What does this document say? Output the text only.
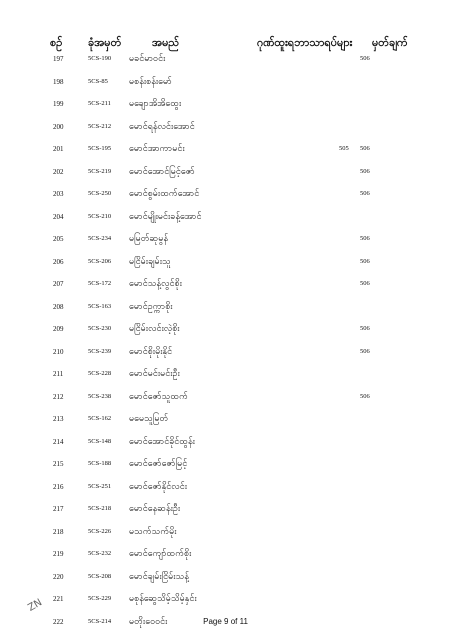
စဥ် ခုံအမှတ်	အမည်	ဂုဏ်ထူးရဘာသာရပ်များ မှတ်ချက်
197	5CS-190 မခင်မာဝင်း	506
198	5CS-85 မစန်းစန်းမော်
199	5CS-211 မချောအိအိထွေး
200	5CS-212 မောင်ရန်လင်းအောင်
201	5CS-195 မောင်အာကာမင်း	505 506
202	5CS-219 မောင်အောင်မြင့်ဇော်	506
203	5CS-250 မောင်စွမ်းထက်အောင်	506
204	5CS-210 မောင်မျိုးမင်းခန့်အောင်
205	5CS-234 မမြတ်ဆုမွန်	506
206	5CS-206 မငြိမ်းချမ်းသူ	506
207	5CS-172 မောင်သန့်လွင်စိုး	506
208	5CS-163 မောင်ဥက္ကာစိုး
209	5CS-230 မငြိမ်းလင်းလဲ့စိုး	506
210	5CS-239 မောင်စိုးမိုးနိုင်	506
211	5CS-228 မောင်မင်းမင်းဦး
212	5CS-238 မောင်ဇော်သူထက်	506
213	5CS-162 မမေသူမြတ်
214	5CS-148 မောင်အောင်ခိုင်ထွန်း
215	5CS-188 မောင်ဇော်ဇော်မြင့်
216	5CS-251 မောင်ဇော်နိုင်လင်း
217	5CS-218 မောင်နေဆန်းဦး
218	5CS-226 မသက်သက်မိုး
219	5CS-232 မောင်ကျော်ထက်စိုး
220	5CS-208 မောင်ချမ်းငြိမ်းသန့်
221	5CS-229 မစုန်ဆွေသိမ့်သိမ့်နှင်း
222	5CS-214 မတိုးဝေဝင်း
ZN
Page 9 of 11
